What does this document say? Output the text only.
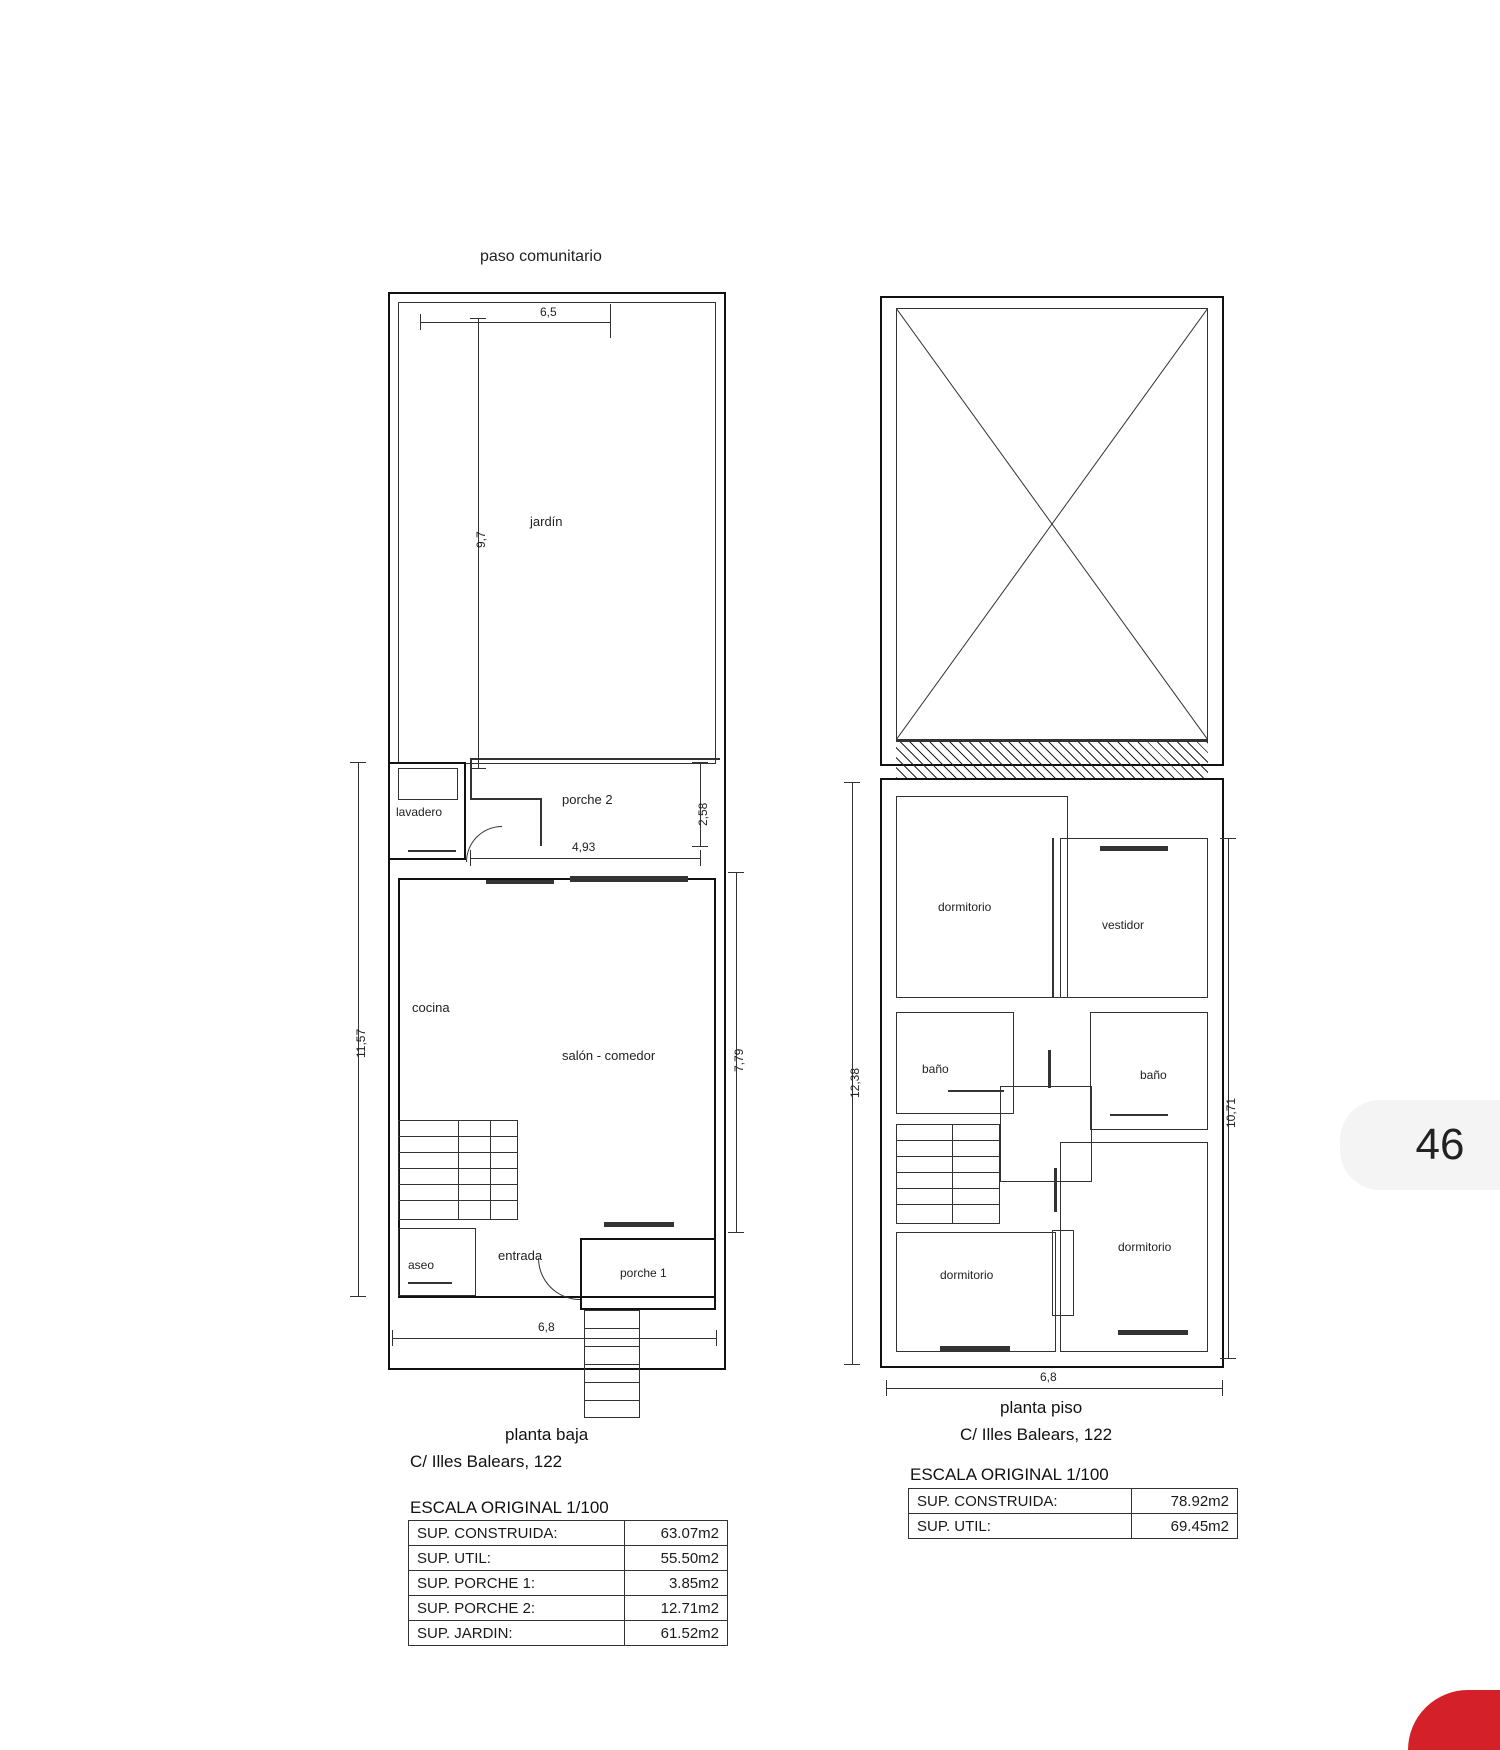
paso comunitario
jardín
6,5
9,7
porche 2
lavadero	2,58
4,93
cocina
salón - comedor
aseo
entrada
porche 1
11,57
7,79
6,8
planta baja
C/ Illes Balears, 122
ESCALA ORIGINAL 1/100
SUP. CONSTRUIDA:	63.07m2
SUP. UTIL:	55.50m2
SUP. PORCHE 1:	3.85m2
SUP. PORCHE 2:	12.71m2
SUP. JARDIN:	61.52m2
dormitorio
vestidor
baño	baño
dormitorio
dormitorio
12,38
10,71
6,8
planta piso
C/ Illes Balears, 122
ESCALA ORIGINAL 1/100
SUP. CONSTRUIDA:	78.92m2
SUP. UTIL:	69.45m2
46
